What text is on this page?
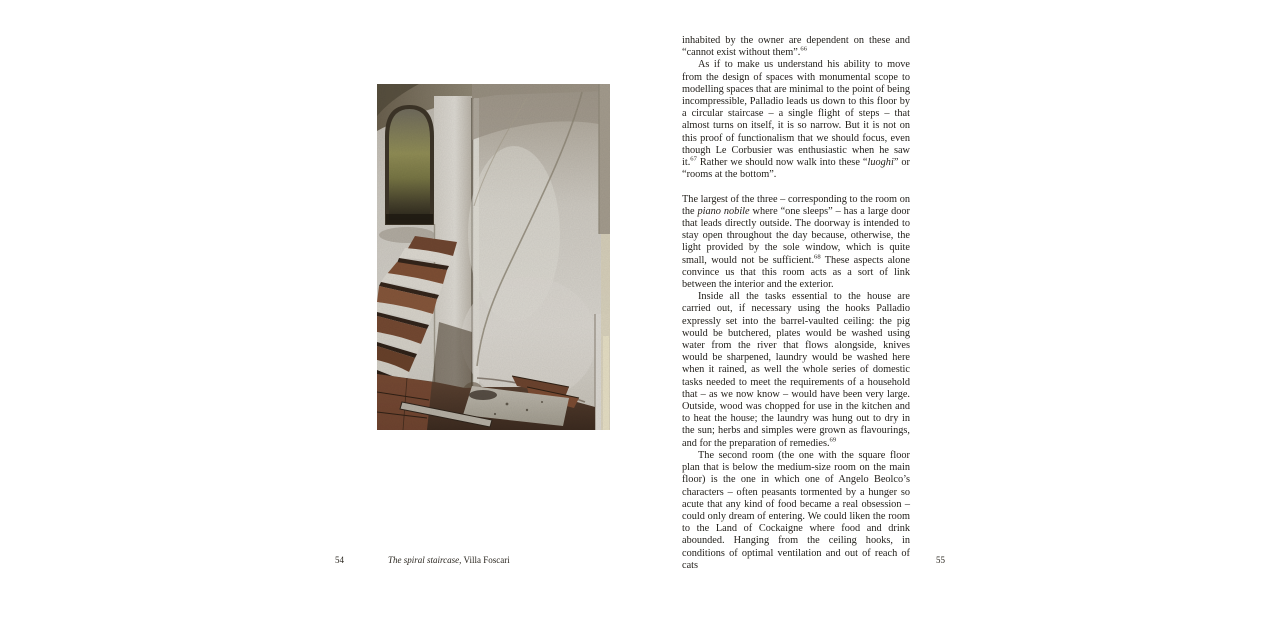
54	The spiral staircase, Villa Foscari

inhabited by the owner are dependent on these and “cannot exist without them”.$^{66}$

As if to make us understand his ability to move from the design of spaces with monumental scope to modelling spaces that are minimal to the point of being incompressible, Palladio leads us down to this floor by a circular staircase – a single flight of steps – that almost turns on itself, it is so narrow. But it is not on this proof of functionalism that we should focus, even though Le Corbusier was enthusiastic when he saw it.$^{67}$ Rather we should now walk into these “luoghi” or “rooms at the bottom”.

The largest of the three – corresponding to the room on the piano nobile where “one sleeps” – has a large door that leads directly outside. The doorway is intended to stay open throughout the day because, otherwise, the light provided by the sole window, which is quite small, would not be sufficient.$^{68}$ These aspects alone convince us that this room acts as a sort of link between the interior and the exterior.

Inside all the tasks essential to the house are carried out, if necessary using the hooks Palladio expressly set into the barrel-vaulted ceiling: the pig would be butchered, plates would be washed using water from the river that flows alongside, knives would be sharpened, laundry would be washed here when it rained, as well the whole series of domestic tasks needed to meet the requirements of a household that – as we now know – would have been very large. Outside, wood was chopped for use in the kitchen and to heat the house; the laundry was hung out to dry in the sun; herbs and simples were grown as flavourings, and for the preparation of remedies.$^{69}$

The second room (the one with the square floor plan that is below the medium-size room on the main floor) is the one in which one of Angelo Beolco’s characters – often peasants tormented by a hunger so acute that any kind of food became a real obsession – could only dream of entering. We could liken the room to the Land of Cockaigne where food and drink abounded. Hanging from the ceiling hooks, in conditions of optimal ventilation and out of reach of cats	55
